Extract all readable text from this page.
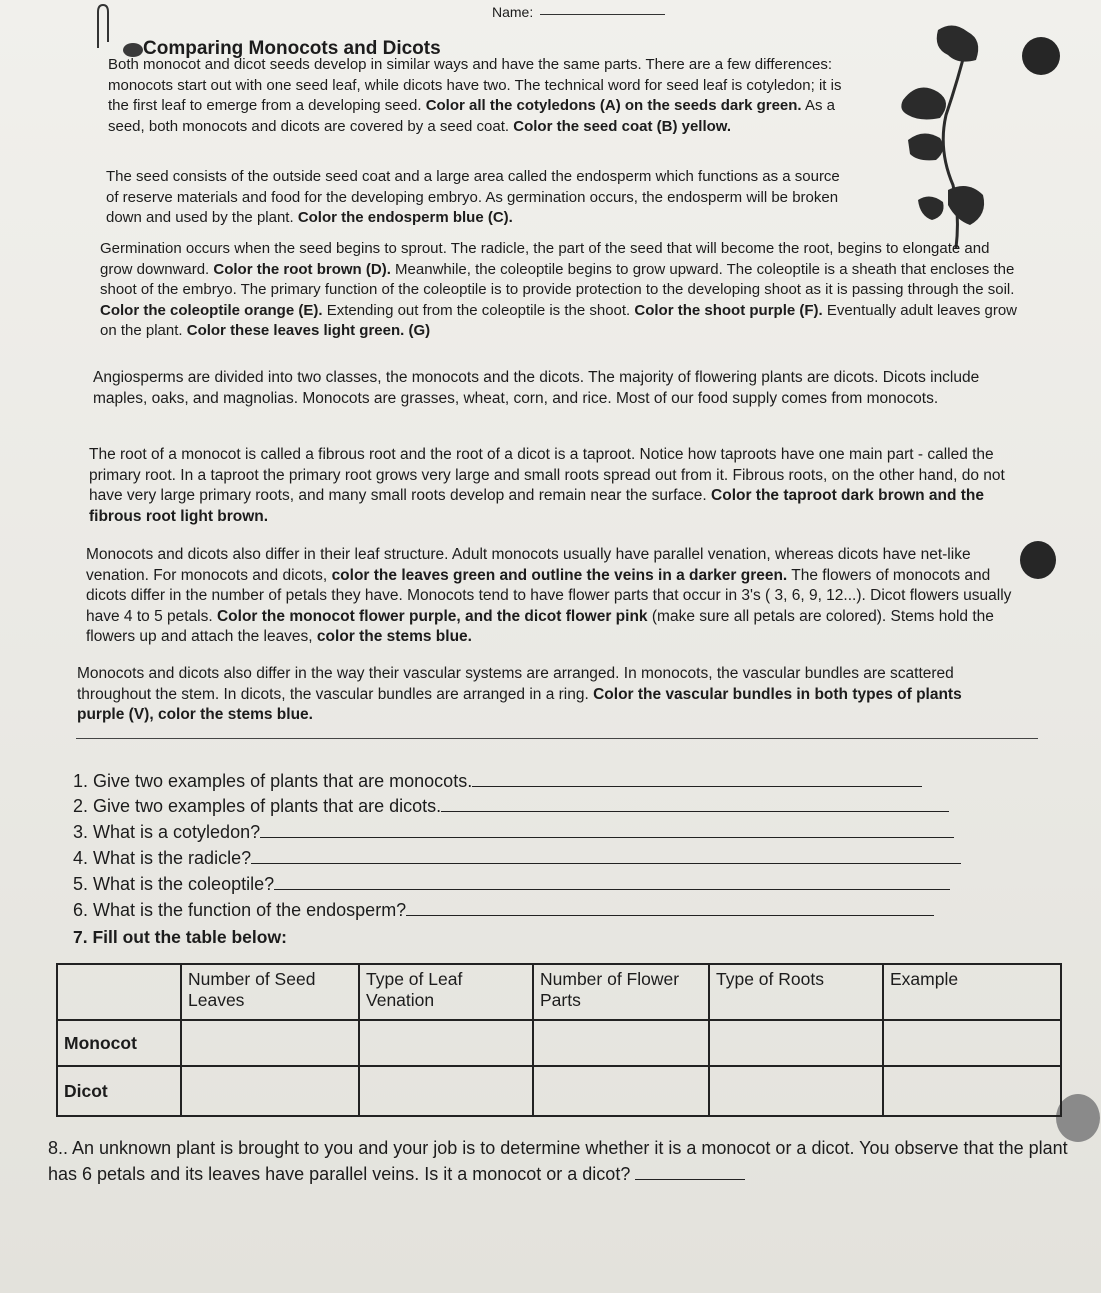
Name:
Comparing Monocots and Dicots

Both monocot and dicot seeds develop in similar ways and have the same parts. There are a few differences: monocots start out with one seed leaf, while dicots have two. The technical word for seed leaf is cotyledon; it is the first leaf to emerge from a developing seed. Color all the cotyledons (A) on the seeds dark green. As a seed, both monocots and dicots are covered by a seed coat. Color the seed coat (B) yellow.

The seed consists of the outside seed coat and a large area called the endosperm which functions as a source of reserve materials and food for the developing embryo. As germination occurs, the endosperm will be broken down and used by the plant. Color the endosperm blue (C).

Germination occurs when the seed begins to sprout. The radicle, the part of the seed that will become the root, begins to elongate and grow downward. Color the root brown (D). Meanwhile, the coleoptile begins to grow upward. The coleoptile is a sheath that encloses the shoot of the embryo. The primary function of the coleoptile is to provide protection to the developing shoot as it is passing through the soil. Color the coleoptile orange (E). Extending out from the coleoptile is the shoot. Color the shoot purple (F). Eventually adult leaves grow on the plant. Color these leaves light green. (G)

Angiosperms are divided into two classes, the monocots and the dicots. The majority of flowering plants are dicots. Dicots include maples, oaks, and magnolias. Monocots are grasses, wheat, corn, and rice. Most of our food supply comes from monocots.

The root of a monocot is called a fibrous root and the root of a dicot is a taproot. Notice how taproots have one main part - called the primary root. In a taproot the primary root grows very large and small roots spread out from it. Fibrous roots, on the other hand, do not have very large primary roots, and many small roots develop and remain near the surface. Color the taproot dark brown and the fibrous root light brown.

Monocots and dicots also differ in their leaf structure. Adult monocots usually have parallel venation, whereas dicots have net-like venation. For monocots and dicots, color the leaves green and outline the veins in a darker green. The flowers of monocots and dicots differ in the number of petals they have. Monocots tend to have flower parts that occur in 3's ( 3, 6, 9, 12...). Dicot flowers usually have 4 to 5 petals. Color the monocot flower purple, and the dicot flower pink (make sure all petals are colored). Stems hold the flowers up and attach the leaves, color the stems blue.

Monocots and dicots also differ in the way their vascular systems are arranged. In monocots, the vascular bundles are scattered throughout the stem. In dicots, the vascular bundles are arranged in a ring. Color the vascular bundles in both types of plants purple (V), color the stems blue.

1. Give two examples of plants that are monocots.
2. Give two examples of plants that are dicots.
3. What is a cotyledon?
4. What is the radicle?
5. What is the coleoptile?
6. What is the function of the endosperm?
7. Fill out the table below:
	Number of Seed Leaves	Type of Leaf Venation	Number of Flower Parts	Type of Roots	Example
Monocot					
Dicot					
8.. An unknown plant is brought to you and your job is to determine whether it is a monocot or a dicot. You observe that the plant has 6 petals and its leaves have parallel veins. Is it a monocot or a dicot?
